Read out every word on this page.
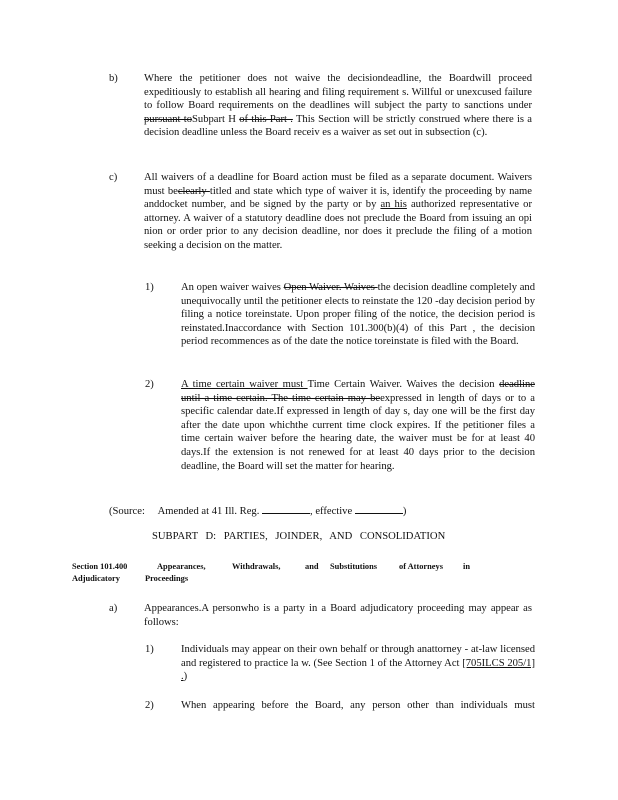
b) Where the petitioner does not waive the decisiondeadline, the Boardwill proceed expeditiously to establish all hearing and filing requirement s. Willful or unexcused failure to follow Board requirements on the deadlines will subject the party to sanctions under pursuant toSubpart H of this Part . This Section will be strictly construed where there is a decision deadline unless the Board receiv es a waiver as set out in subsection (c).
c)	All waivers of a deadline for Board action must be filed as a separate document. Waivers must beclearly titled and state which type of waiver it is, identify the proceeding by name anddocket number, and be signed by the party or by an his authorized representative or attorney. A waiver of a statutory deadline does not preclude the Board from issuing an opi nion or order prior to any decision deadline, nor does it preclude the filing of a motion seeking a decision on the matter.
1)	An open waiver waives Open Waiver. Waives the decision deadline completely and unequivocally until the petitioner elects to reinstate the 120 -day decision period by filing a notice toreinstate. Upon proper filing of the notice, the decision period is reinstated.Inaccordance with Section 101.300(b)(4) of this Part , the decision period recommences as of the date the notice toreinstate is filed with the Board.
2)	A time certain waiver must Time Certain Waiver. Waives the decision deadline until a time certain. The time certain may beexpressed in length of days or to a specific calendar date.If expressed in length of day s, day one will be the first day after the date upon whichthe current time clock expires. If the petitioner files a time certain waiver before the hearing date, the waiver must be for at least 40 days.If the extension is not renewed for at least 40 days prior to the decision deadline, the Board will set the matter for hearing.
(Source: Amended at 41 Ill. Reg.	, effective	)
SUBPART D: PARTIES, JOINDER, AND CONSOLIDATION
Section 101.400	Appearances,	Withdrawals,	and Substitutions	of Attorneys in
Adjudicatory	Proceedings
a)	Appearances.A personwho is a party in a Board adjudicatory proceeding may appear as follows:
1)	Individuals may appear on their own behalf or through anattorney - at-law licensed and registered to practice la w. (See Section 1 of the Attorney Act [705ILCS 205/1] .)
2)	When appearing before the Board, any person other than individuals must
